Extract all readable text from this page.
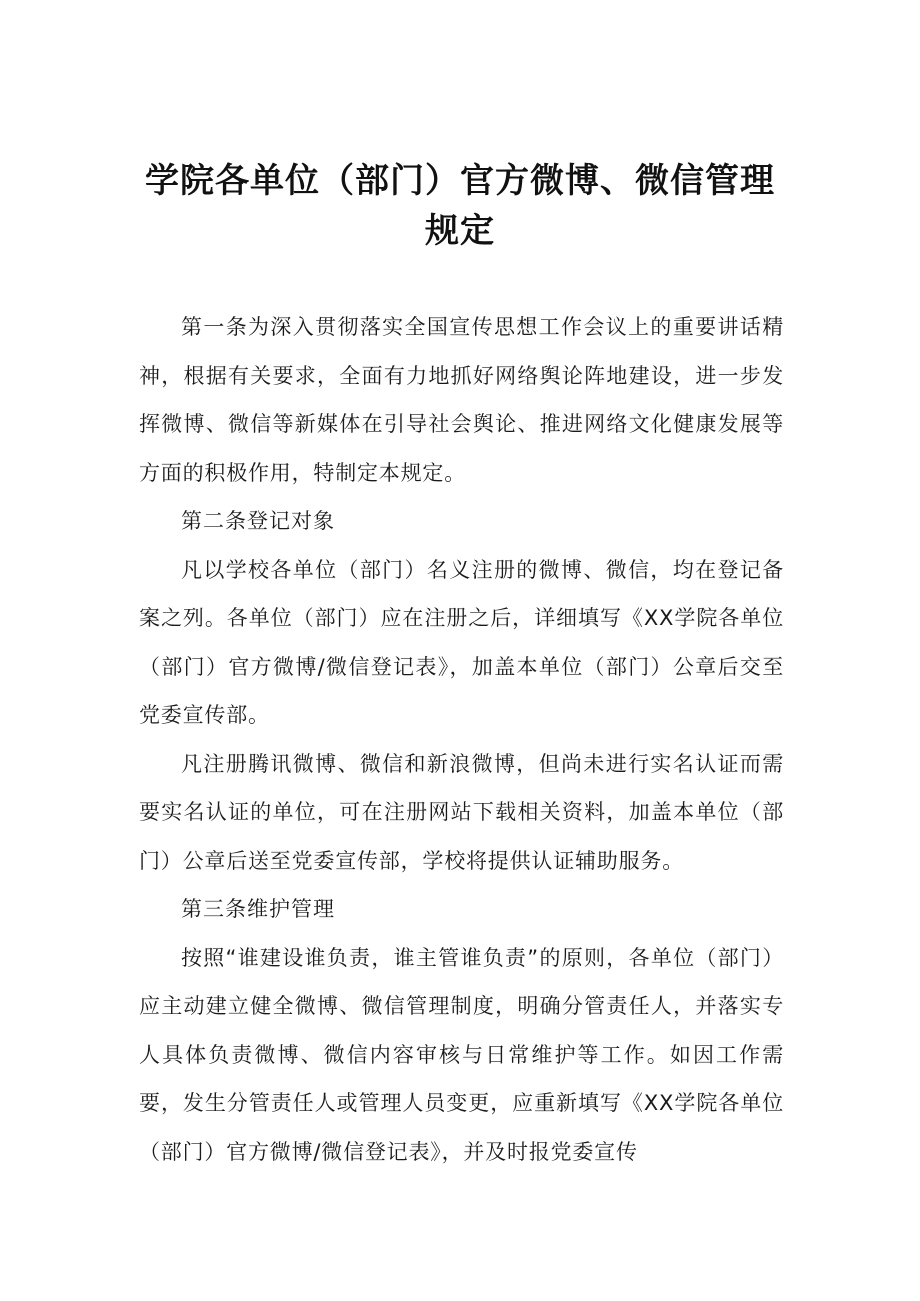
学院各单位（部门）官方微博、微信管理
规定

第一条为深入贯彻落实全国宣传思想工作会议上的重要讲话精神，根据有关要求，全面有力地抓好网络舆论阵地建设，进一步发挥微博、微信等新媒体在引导社会舆论、推进网络文化健康发展等方面的积极作用，特制定本规定。

第二条登记对象

凡以学校各单位（部门）名义注册的微博、微信，均在登记备案之列。各单位（部门）应在注册之后，详细填写《XX学院各单位（部门）官方微博/微信登记表》，加盖本单位（部门）公章后交至党委宣传部。

凡注册腾讯微博、微信和新浪微博，但尚未进行实名认证而需要实名认证的单位，可在注册网站下载相关资料，加盖本单位（部门）公章后送至党委宣传部，学校将提供认证辅助服务。

第三条维护管理

按照“谁建设谁负责，谁主管谁负责”的原则，各单位（部门）应主动建立健全微博、微信管理制度，明确分管责任人，并落实专人具体负责微博、微信内容审核与日常维护等工作。如因工作需要，发生分管责任人或管理人员变更，应重新填写《XX学院各单位（部门）官方微博/微信登记表》，并及时报党委宣传
